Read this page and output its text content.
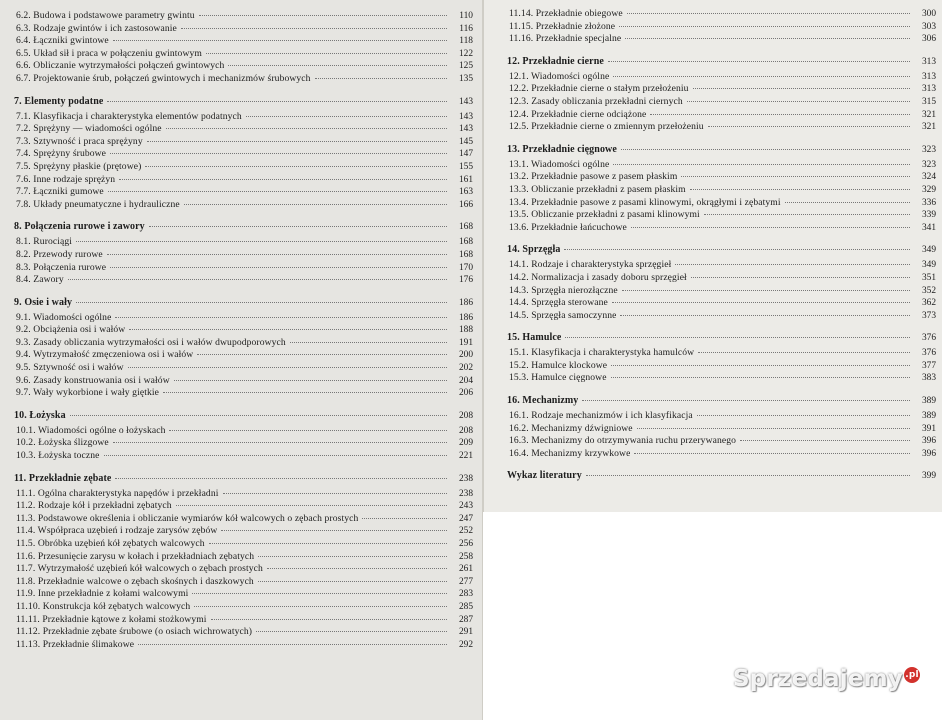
6.2. Budowa i podstawowe parametry gwintu	110
6.3. Rodzaje gwintów i ich zastosowanie	116
6.4. Łączniki gwintowe	118
6.5. Układ sił i praca w połączeniu gwintowym	122
6.6. Obliczanie wytrzymałości połączeń gwintowych	125
6.7. Projektowanie śrub, połączeń gwintowych i mechanizmów śrubowych	135
7. Elementy podatne	143
7.1. Klasyfikacja i charakterystyka elementów podatnych	143
7.2. Sprężyny — wiadomości ogólne	143
7.3. Sztywność i praca sprężyny	145
7.4. Sprężyny śrubowe	147
7.5. Sprężyny płaskie (prętowe)	155
7.6. Inne rodzaje sprężyn	161
7.7. Łączniki gumowe	163
7.8. Układy pneumatyczne i hydrauliczne	166
8. Połączenia rurowe i zawory	168
8.1. Rurociągi	168
8.2. Przewody rurowe	168
8.3. Połączenia rurowe	170
8.4. Zawory	176
9. Osie i wały	186
9.1. Wiadomości ogólne	186
9.2. Obciążenia osi i wałów	188
9.3. Zasady obliczania wytrzymałości osi i wałów dwupodporowych	191
9.4. Wytrzymałość zmęczeniowa osi i wałów	200
9.5. Sztywność osi i wałów	202
9.6. Zasady konstruowania osi i wałów	204
9.7. Wały wykorbione i wały giętkie	206
10. Łożyska	208
10.1. Wiadomości ogólne o łożyskach	208
10.2. Łożyska ślizgowe	209
10.3. Łożyska toczne	221
11. Przekładnie zębate	238
11.1. Ogólna charakterystyka napędów i przekładni	238
11.2. Rodzaje kół i przekładni zębatych	243
11.3. Podstawowe określenia i obliczanie wymiarów kół walcowych o zębach prostych	247
11.4. Współpraca uzębień i rodzaje zarysów zębów	252
11.5. Obróbka uzębień kół zębatych walcowych	256
11.6. Przesunięcie zarysu w kołach i przekładniach zębatych	258
11.7. Wytrzymałość uzębień kół walcowych o zębach prostych	261
11.8. Przekładnie walcowe o zębach skośnych i daszkowych	277
11.9. Inne przekładnie z kołami walcowymi	283
11.10. Konstrukcja kół zębatych walcowych	285
11.11. Przekładnie kątowe z kołami stożkowymi	287
11.12. Przekładnie zębate śrubowe (o osiach wichrowatych)	291
11.13. Przekładnie ślimakowe	292
11.14. Przekładnie obiegowe	300
11.15. Przekładnie złożone	303
11.16. Przekładnie specjalne	306
12. Przekładnie cierne	313
12.1. Wiadomości ogólne	313
12.2. Przekładnie cierne o stałym przełożeniu	313
12.3. Zasady obliczania przekładni ciernych	315
12.4. Przekładnie cierne odciążone	321
12.5. Przekładnie cierne o zmiennym przełożeniu	321
13. Przekładnie cięgnowe	323
13.1. Wiadomości ogólne	323
13.2. Przekładnie pasowe z pasem płaskim	324
13.3. Obliczanie przekładni z pasem płaskim	329
13.4. Przekładnie pasowe z pasami klinowymi, okrągłymi i zębatymi	336
13.5. Obliczanie przekładni z pasami klinowymi	339
13.6. Przekładnie łańcuchowe	341
14. Sprzęgła	349
14.1. Rodzaje i charakterystyka sprzęgieł	349
14.2. Normalizacja i zasady doboru sprzęgieł	351
14.3. Sprzęgła nierozłączne	352
14.4. Sprzęgła sterowane	362
14.5. Sprzęgła samoczynne	373
15. Hamulce	376
15.1. Klasyfikacja i charakterystyka hamulców	376
15.2. Hamulce klockowe	377
15.3. Hamulce cięgnowe	383
16. Mechanizmy	389
16.1. Rodzaje mechanizmów i ich klasyfikacja	389
16.2. Mechanizmy dźwigniowe	391
16.3. Mechanizmy do otrzymywania ruchu przerywanego	396
16.4. Mechanizmy krzywkowe	396
Wykaz literatury	399
Sprzedajemy .pl
